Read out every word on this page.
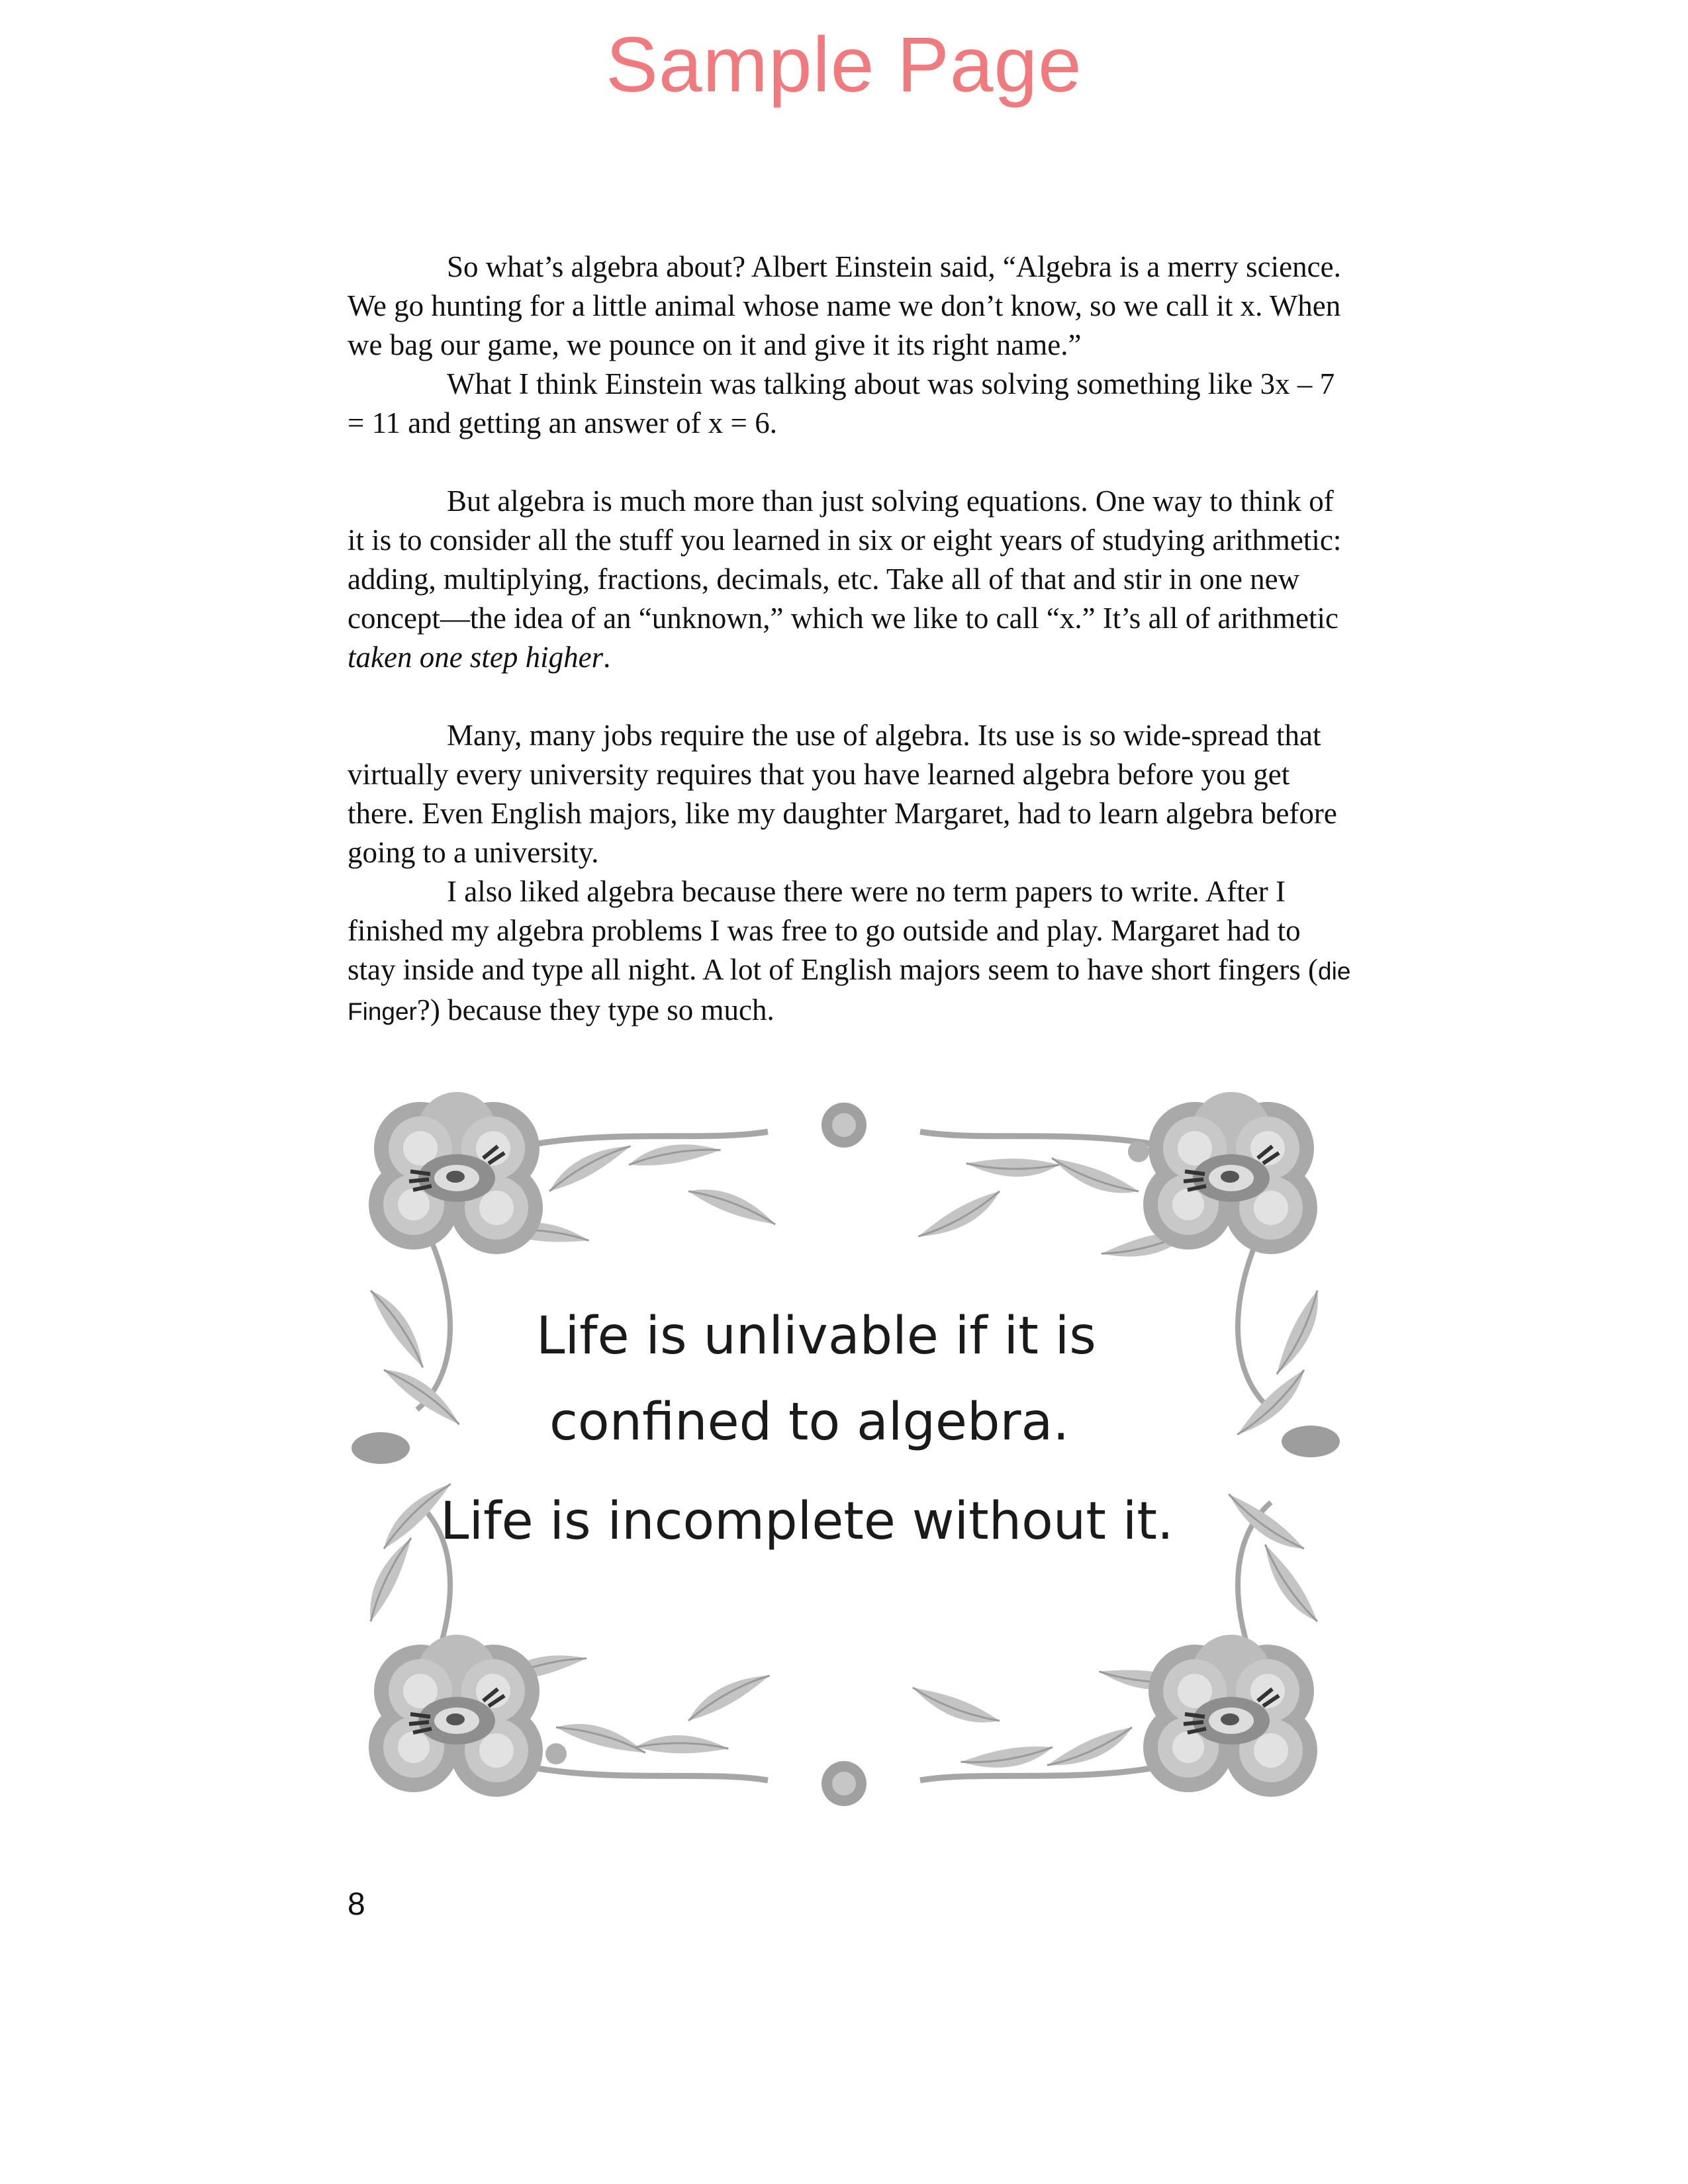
Sample Page

So what’s algebra about? Albert Einstein said, “Algebra is a merry science. We go hunting for a little animal whose name we don’t know, so we call it x. When we bag our game, we pounce on it and give it its right name.”

What I think Einstein was talking about was solving something like 3x – 7 = 11 and getting an answer of x = 6.

But algebra is much more than just solving equations. One way to think of it is to consider all the stuff you learned in six or eight years of studying arithmetic: adding, multiplying, fractions, decimals, etc. Take all of that and stir in one new concept—the idea of an “unknown,” which we like to call “x.” It’s all of arithmetic taken one step higher.

Many, many jobs require the use of algebra. Its use is so wide-spread that virtually every university requires that you have learned algebra before you get there. Even English majors, like my daughter Margaret, had to learn algebra before going to a university.

I also liked algebra because there were no term papers to write. After I finished my algebra problems I was free to go outside and play. Margaret had to stay inside and type all night. A lot of English majors seem to have short fingers (die Finger?) because they type so much.

Life is unlivable if it is
confined to algebra.
Life is incomplete without it.
8
